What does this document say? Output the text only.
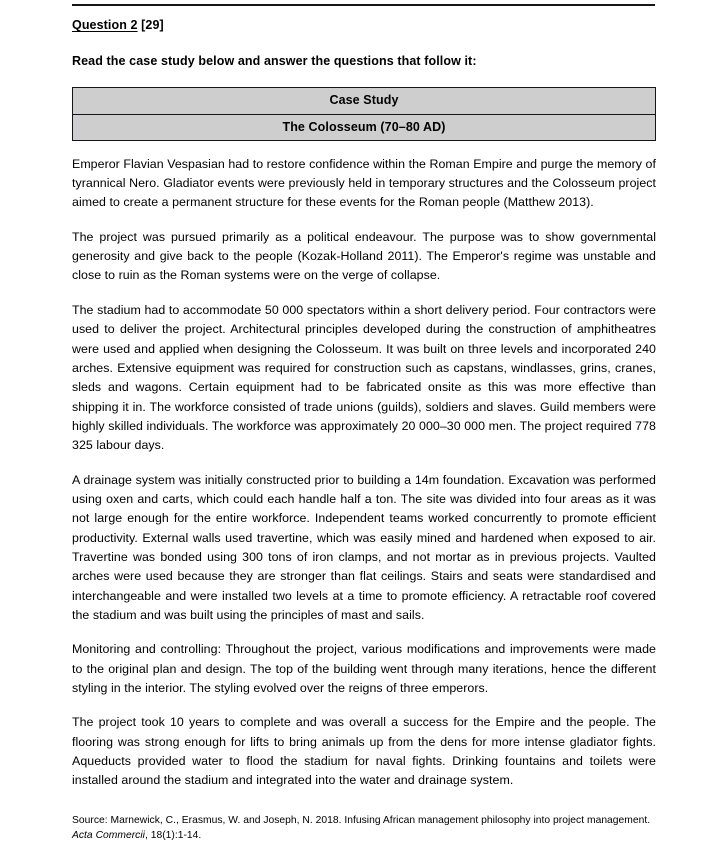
Question 2 [29]

Read the case study below and answer the questions that follow it:

Case Study
The Colosseum (70–80 AD)

Emperor Flavian Vespasian had to restore confidence within the Roman Empire and purge the memory of tyrannical Nero. Gladiator events were previously held in temporary structures and the Colosseum project aimed to create a permanent structure for these events for the Roman people (Matthew 2013).

The project was pursued primarily as a political endeavour. The purpose was to show governmental generosity and give back to the people (Kozak-Holland 2011). The Emperor's regime was unstable and close to ruin as the Roman systems were on the verge of collapse.

The stadium had to accommodate 50 000 spectators within a short delivery period. Four contractors were used to deliver the project. Architectural principles developed during the construction of amphitheatres were used and applied when designing the Colosseum. It was built on three levels and incorporated 240 arches. Extensive equipment was required for construction such as capstans, windlasses, grins, cranes, sleds and wagons. Certain equipment had to be fabricated onsite as this was more effective than shipping it in. The workforce consisted of trade unions (guilds), soldiers and slaves. Guild members were highly skilled individuals. The workforce was approximately 20 000–30 000 men. The project required 778 325 labour days.

A drainage system was initially constructed prior to building a 14m foundation. Excavation was performed using oxen and carts, which could each handle half a ton. The site was divided into four areas as it was not large enough for the entire workforce. Independent teams worked concurrently to promote efficient productivity. External walls used travertine, which was easily mined and hardened when exposed to air. Travertine was bonded using 300 tons of iron clamps, and not mortar as in previous projects. Vaulted arches were used because they are stronger than flat ceilings. Stairs and seats were standardised and interchangeable and were installed two levels at a time to promote efficiency. A retractable roof covered the stadium and was built using the principles of mast and sails.

Monitoring and controlling: Throughout the project, various modifications and improvements were made to the original plan and design. The top of the building went through many iterations, hence the different styling in the interior. The styling evolved over the reigns of three emperors.

The project took 10 years to complete and was overall a success for the Empire and the people. The flooring was strong enough for lifts to bring animals up from the dens for more intense gladiator fights. Aqueducts provided water to flood the stadium for naval fights. Drinking fountains and toilets were installed around the stadium and integrated into the water and drainage system.

Source: Marnewick, C., Erasmus, W. and Joseph, N. 2018. Infusing African management philosophy into project management. Acta Commercii, 18(1):1-14.
